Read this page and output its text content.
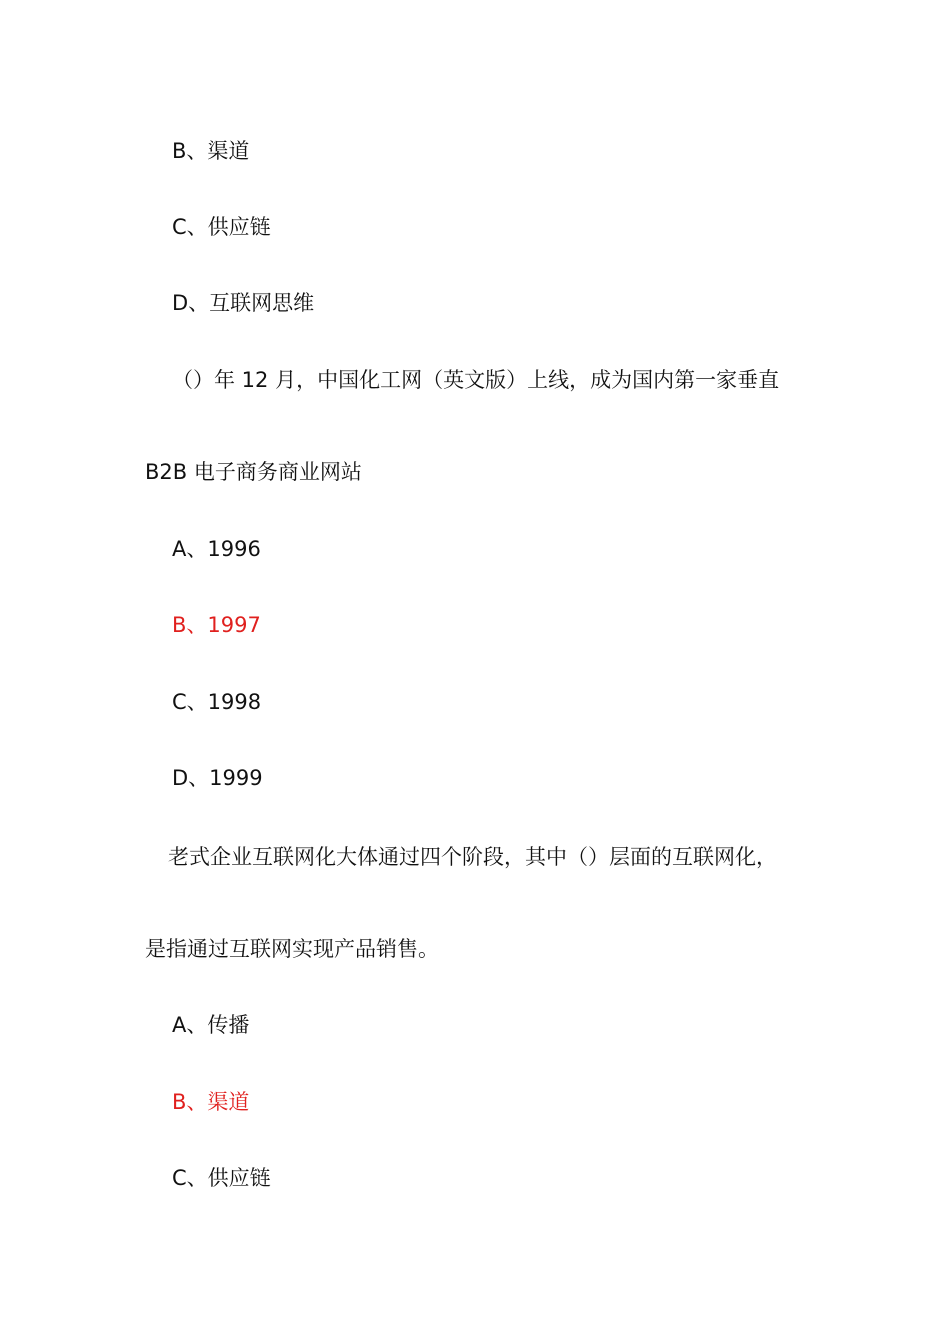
B、渠道
C、供应链
D、互联网思维
（）年 12 月，中国化工网（英文版）上线，成为国内第一家垂直
B2B 电子商务商业网站
A、1996
B、1997
C、1998
D、1999
老式企业互联网化大体通过四个阶段，其中（）层面的互联网化，
是指通过互联网实现产品销售。
A、传播
B、渠道
C、供应链
